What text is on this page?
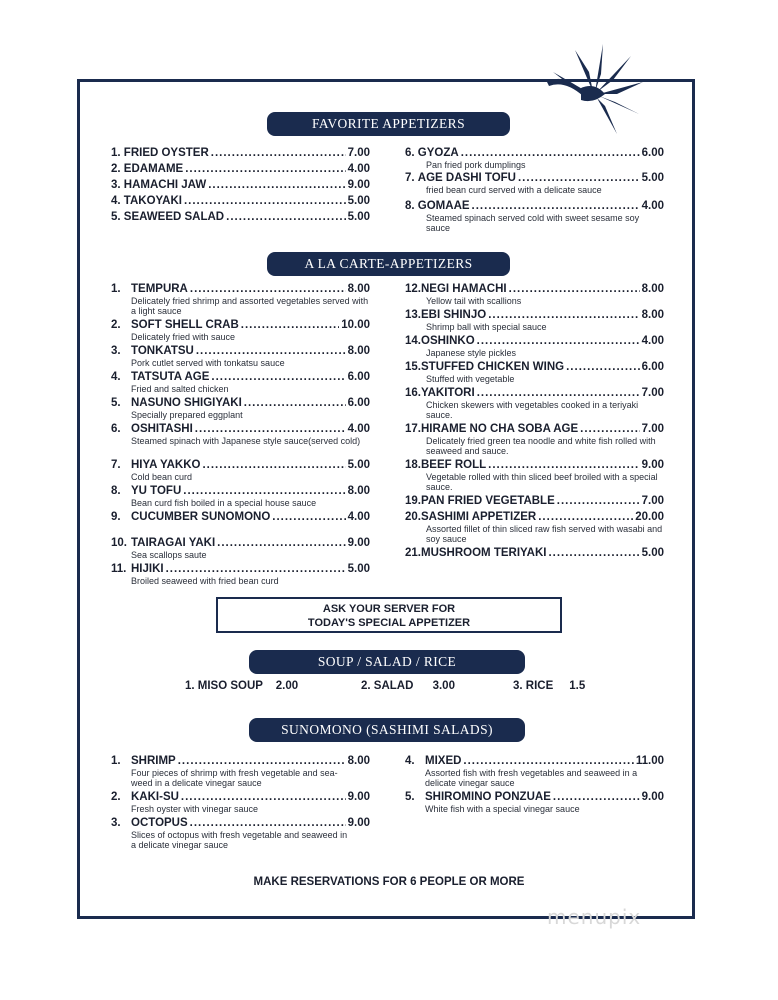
FAVORITE APPETIZERS
A LA CARTE-APPETIZERS
SOUP / SALAD / RICE
SUNOMONO (SASHIMI SALADS)
1.
FRIED OYSTER .....	7.00
2.
EDAMAME .....	4.00
3.
HAMACHI JAW .....	9.00
4.
TAKOYAKI .....	5.00
5.
SEAWEED SALAD .....	5.00
6.
GYOZA .....	6.00
Pan fried pork dumplings
7.
AGE DASHI TOFU .....	5.00
fried bean curd served with a delicate sauce
8.
GOMAAE .....	4.00
Steamed spinach served cold with sweet sesame soy sauce
1. TEMPURA .....	8.00
Delicately fried shrimp and assorted vegetables served with a light sauce
2. SOFT SHELL CRAB .....	10.00
Delicately fried with sauce
3. TONKATSU .....	8.00
Pork cutlet served with tonkatsu sauce
4. TATSUTA AGE .....	6.00
Fried and salted chicken
5. NASUNO SHIGIYAKI .....	6.00
Specially prepared eggplant
6. OSHITASHI .....	4.00
Steamed spinach with Japanese style sauce(served cold)
7. HIYA YAKKO .....	5.00
Cold bean curd
8. YU TOFU .....	8.00
Bean curd fish boiled in a special house sauce
9. CUCUMBER SUNOMONO .....	4.00
10. TAIRAGAI YAKI .....	9.00
Sea scallops saute
11. HIJIKI .....	5.00
Broiled seaweed with fried bean curd
12. NEGI HAMACHI .....	8.00
Yellow tail with scallions
13. EBI SHINJO .....	8.00
Shrimp ball with special sauce
14. OSHINKO .....	4.00
Japanese style pickles
15. STUFFED CHICKEN WING .....	6.00
Stuffed with vegetable
16. YAKITORI .....	7.00
Chicken skewers with vegetables cooked in a teriyaki sauce.
17. HIRAME NO CHA SOBA AGE .....	7.00
Delicately fried green tea noodle and white fish rolled with seaweed and sauce.
18. BEEF ROLL .....	9.00
Vegetable rolled with thin sliced beef broiled with a special sauce.
19. PAN FRIED VEGETABLE .....	7.00
20. SASHIMI APPETIZER .....	20.00
Assorted fillet of thin sliced raw fish served with wasabi and soy sauce
21. MUSHROOM TERIYAKI .....	5.00
ASK YOUR SERVER FOR
TODAY'S SPECIAL APPETIZER
1. MISO SOUP 2.00	2. SALAD 3.00	3. RICE 1.5
1. SHRIMP .....	8.00
Four pieces of shrimp with fresh vegetable and sea-weed in a delicate vinegar sauce
2. KAKI-SU .....	9.00
Fresh oyster with vinegar sauce
3. OCTOPUS .....	9.00
Slices of octopus with fresh vegetable and seaweed in a delicate vinegar sauce
4. MIXED .....	11.00
Assorted fish with fresh vegetables and seaweed in a delicate vinegar sauce
5. SHIROMINO PONZUAE .....	9.00
White fish with a special vinegar sauce
MAKE RESERVATIONS FOR 6 PEOPLE OR MORE
menupix
